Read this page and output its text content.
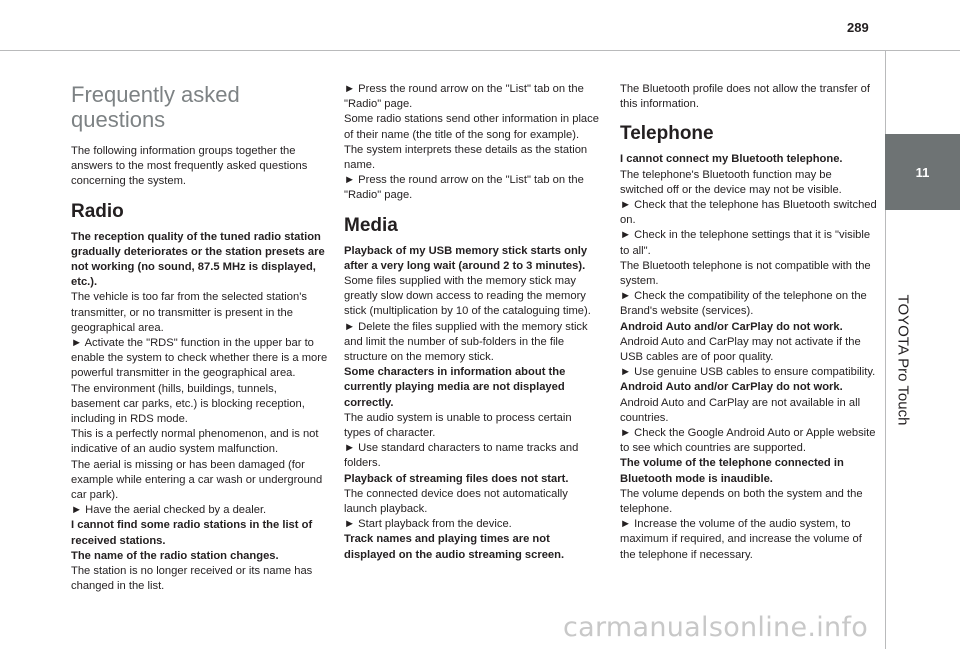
289
11
TOYOTA Pro Touch
Frequently asked questions

The following information groups together the answers to the most frequently asked questions concerning the system.

Radio

The reception quality of the tuned radio station gradually deteriorates or the station presets are not working (no sound, 87.5 MHz is displayed, etc.).

The vehicle is too far from the selected station's transmitter, or no transmitter is present in the geographical area.

► Activate the "RDS" function in the upper bar to enable the system to check whether there is a more powerful transmitter in the geographical area.

The environment (hills, buildings, tunnels, basement car parks, etc.) is blocking reception, including in RDS mode.

This is a perfectly normal phenomenon, and is not indicative of an audio system malfunction.

The aerial is missing or has been damaged (for example while entering a car wash or underground car park).

► Have the aerial checked by a dealer.

I cannot find some radio stations in the list of received stations.

The name of the radio station changes.

The station is no longer received or its name has changed in the list.

► Press the round arrow on the "List" tab on the "Radio" page.

Some radio stations send other information in place of their name (the title of the song for example).

The system interprets these details as the station name.

► Press the round arrow on the "List" tab on the "Radio" page.

Media

Playback of my USB memory stick starts only after a very long wait (around 2 to 3 minutes).

Some files supplied with the memory stick may greatly slow down access to reading the memory stick (multiplication by 10 of the cataloguing time).

► Delete the files supplied with the memory stick and limit the number of sub-folders in the file structure on the memory stick.

Some characters in information about the currently playing media are not displayed correctly.

The audio system is unable to process certain types of character.

► Use standard characters to name tracks and folders.

Playback of streaming files does not start.

The connected device does not automatically launch playback.

► Start playback from the device.

Track names and playing times are not displayed on the audio streaming screen.

The Bluetooth profile does not allow the transfer of this information.

Telephone

I cannot connect my Bluetooth telephone.

The telephone's Bluetooth function may be switched off or the device may not be visible.

► Check that the telephone has Bluetooth switched on.

► Check in the telephone settings that it is "visible to all".

The Bluetooth telephone is not compatible with the system.

► Check the compatibility of the telephone on the Brand's website (services).

Android Auto and/or CarPlay do not work.

Android Auto and CarPlay may not activate if the USB cables are of poor quality.

► Use genuine USB cables to ensure compatibility.

Android Auto and/or CarPlay do not work.

Android Auto and CarPlay are not available in all countries.

► Check the Google Android Auto or Apple website to see which countries are supported.

The volume of the telephone connected in Bluetooth mode is inaudible.

The volume depends on both the system and the telephone.

► Increase the volume of the audio system, to maximum if required, and increase the volume of the telephone if necessary.

carmanualsonline.info
